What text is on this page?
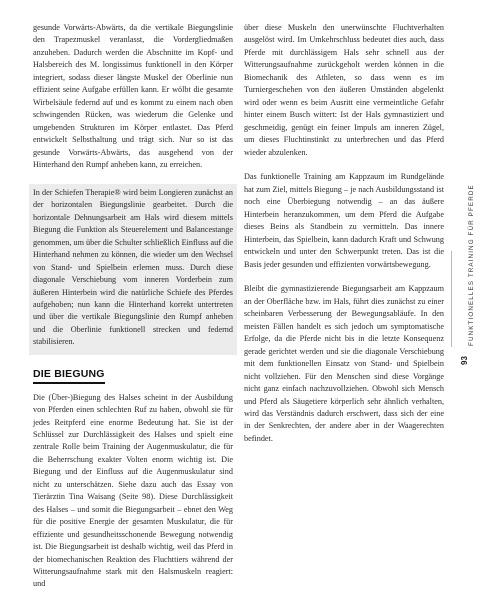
gesunde Vorwärts-Abwärts, da die vertikale Biegungslinie den Trapezmuskel veranlasst, die Vordergliedmaßen anzuheben. Dadurch werden die Abschnitte im Kopf- und Halsbereich des M. longissimus funktionell in den Körper integriert, sodass dieser längste Muskel der Oberlinie nun effizient seine Aufgabe erfüllen kann. Er wölbt die gesamte Wirbelsäule federnd auf und es kommt zu einem nach oben schwingenden Rücken, was wiederum die Gelenke und umgebenden Strukturen im Körper entlastet. Das Pferd entwickelt Selbsthaltung und trägt sich. Nur so ist das gesunde Vorwärts-Abwärts, das ausgehend von der Hinterhand den Rumpf anheben kann, zu erreichen.

In der Schiefen Therapie® wird beim Longieren zunächst an der horizontalen Biegungslinie gearbeitet. Durch die horizontale Dehnungsarbeit am Hals wird diesem mittels Biegung die Funktion als Steuerelement und Balancestange genommen, um über die Schulter schließlich Einfluss auf die Hinterhand nehmen zu können, die wieder um den Wechsel von Stand- und Spielbein erlernen muss. Durch diese diagonale Verschiebung vom inneren Vorderbein zum äußeren Hinterbein wird die natürliche Schiefe des Pferdes aufgehoben; nun kann die Hinterhand korrekt untertreten und über die vertikale Biegungslinie den Rumpf anheben und die Oberlinie funktionell strecken und federnd stabilisieren.

DIE BIEGUNG

Die (Über-)Biegung des Halses scheint in der Ausbildung von Pferden einen schlechten Ruf zu haben, obwohl sie für jedes Reitpferd eine enorme Bedeutung hat. Sie ist der Schlüssel zur Durchlässigkeit des Halses und spielt eine zentrale Rolle beim Training der Augenmuskulatur, die für die Beherrschung exakter Volten enorm wichtig ist. Die Biegung und der Einfluss auf die Augenmuskulatur sind nicht zu unterschätzen. Siehe dazu auch das Essay von Tierärztin Tina Waisang (Seite 98). Diese Durchlässigkeit des Halses – und somit die Biegungsarbeit – ebnet den Weg für die positive Energie der gesamten Muskulatur, die für effiziente und gesundheitsschonende Bewegung notwendig ist. Die Biegungsarbeit ist deshalb wichtig, weil das Pferd in der biomechanischen Reaktion des Fluchttiers während der Witterungsaufnahme stark mit den Halsmuskeln reagiert: und

über diese Muskeln den unerwünschte Fluchtverhalten ausgelöst wird. Im Umkehrschluss bedeutet dies auch, dass Pferde mit durchlässigem Hals sehr schnell aus der Witterungsaufnahme zurückgeholt werden können in die Biomechanik des Athleten, so dass wenn es im Turniergeschehen von den äußeren Umständen abgelenkt wird oder wenn es beim Ausritt eine vermeintliche Gefahr hinter einem Busch wittert: Ist der Hals gymnastiziert und geschmeidig, genügt ein feiner Impuls am inneren Zügel, um dieses Fluchtinstinkt zu unterbrechen und das Pferd wieder abzulenken.

Das funktionelle Training am Kappzaum im Rundgelände hat zum Ziel, mittels Biegung – je nach Ausbildungsstand ist noch eine Überbiegung notwendig – an das äußere Hinterbein heranzukommen, um dem Pferd die Aufgabe dieses Beins als Standbein zu vermitteln. Das innere Hinterbein, das Spielbein, kann dadurch Kraft und Schwung entwickeln und unter den Schwerpunkt treten. Das ist die Basis jeder gesunden und effizienten vorwärtsbewegung.

Bleibt die gymnastizierende Biegungsarbeit am Kappzaum an der Oberfläche bzw. im Hals, führt dies zunächst zu einer scheinbaren Verbesserung der Bewegungsabläufe. In den meisten Fällen handelt es sich jedoch um symptomatische Erfolge, da die Pferde nicht bis in die letzte Konsequenz gerade gerichtet werden und sie die diagonale Verschiebung mit dem funktionellen Einsatz von Stand- und Spielbein nicht vollziehen. Für den Menschen sind diese Vorgänge nicht ganz einfach nachzuvollziehen. Obwohl sich Mensch und Pferd als Säugetiere körperlich sehr ähnlich verhalten, wird das Verständnis dadurch erschwert, dass sich der eine in der Senkrechten, der andere aber in der Waagerechten befindet.

FUNKTIONELLES TRAINING FÜR PFERDE
93
